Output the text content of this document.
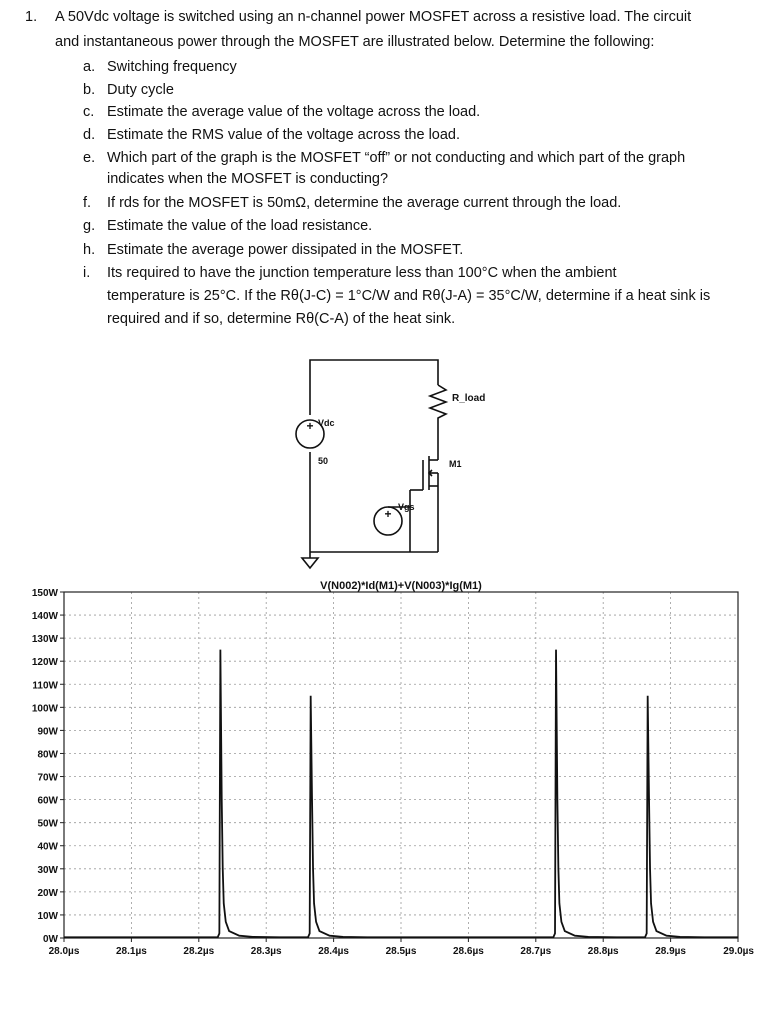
1. A 50Vdc voltage is switched using an n-channel power MOSFET across a resistive load. The circuit
and instantaneous power through the MOSFET are illustrated below. Determine the following:
a. Switching frequency
b. Duty cycle
c. Estimate the average value of the voltage across the load.
d. Estimate the RMS value of the voltage across the load.
e. Which part of the graph is the MOSFET “off” or not conducting and which part of the graph
indicates when the MOSFET is conducting?
f. If rds for the MOSFET is 50mΩ, determine the average current through the load.
g. Estimate the value of the load resistance.
h. Estimate the average power dissipated in the MOSFET.
i. Its required to have the junction temperature less than 100°C when the ambient
temperature is 25°C. If the Rθ(J-C) = 1°C/W and Rθ(J-A) = 35°C/W, determine if a heat sink is
required and if so, determine Rθ(C-A) of the heat sink.
+
+
R_load
Vdc
50	M1
Vgs
V(N002)*Id(M1)+V(N003)*Ig(M1)
0W
10W
20W
30W
40W
50W
60W
70W
80W
90W
100W
110W
120W
130W
140W
150W
28.0µs	28.1µs	28.2µs	28.3µs	28.4µs	28.5µs	28.6µs	28.7µs	28.8µs	28.9µs	29.0µs
